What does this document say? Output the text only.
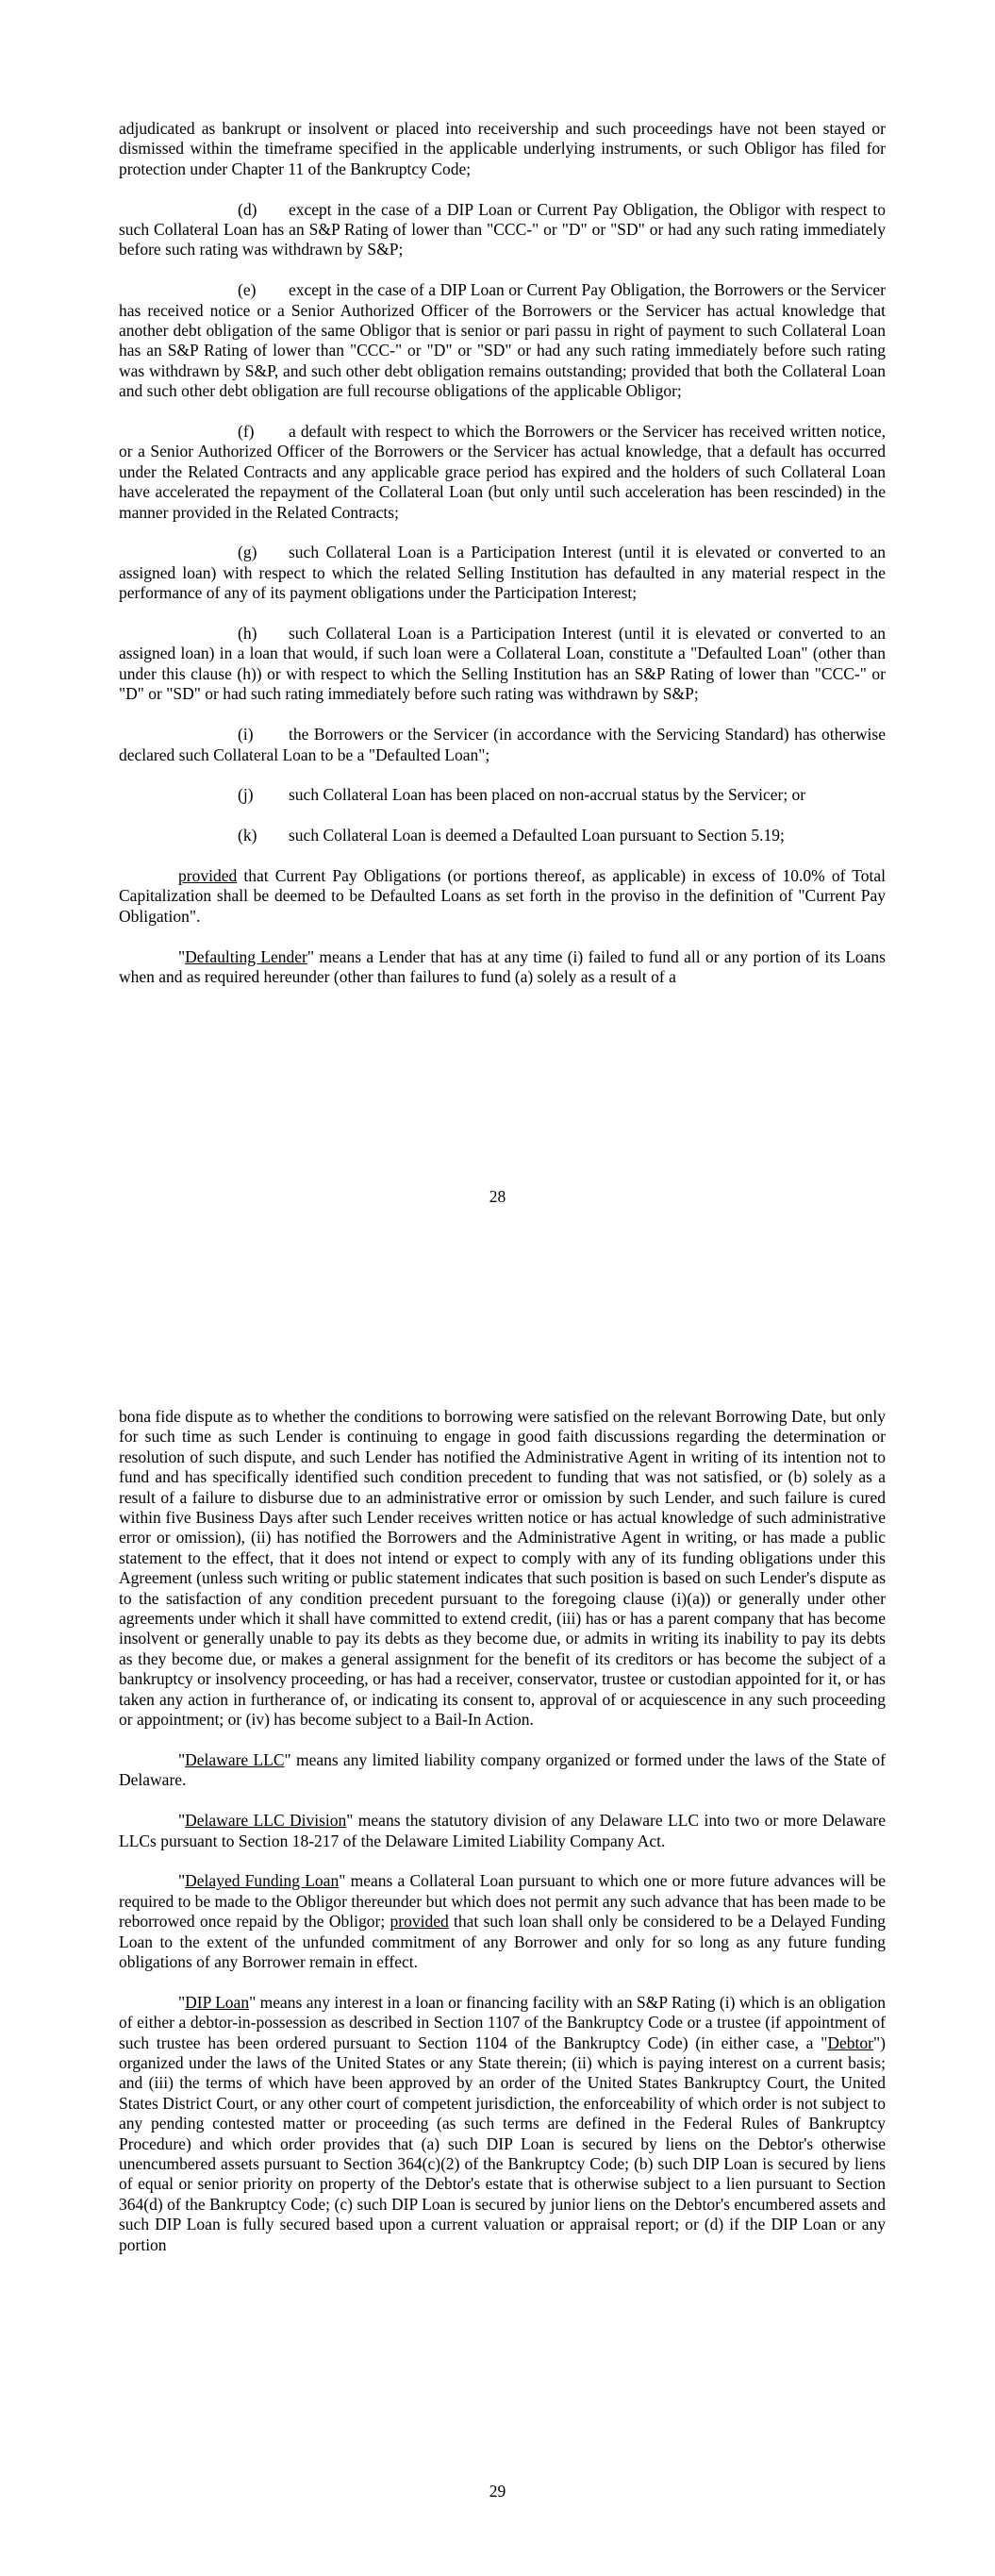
adjudicated as bankrupt or insolvent or placed into receivership and such proceedings have not been stayed or dismissed within the timeframe specified in the applicable underlying instruments, or such Obligor has filed for protection under Chapter 11 of the Bankruptcy Code;

(d) except in the case of a DIP Loan or Current Pay Obligation, the Obligor with respect to such Collateral Loan has an S&P Rating of lower than "CCC-" or "D" or "SD" or had any such rating immediately before such rating was withdrawn by S&P;

(e) except in the case of a DIP Loan or Current Pay Obligation, the Borrowers or the Servicer has received notice or a Senior Authorized Officer of the Borrowers or the Servicer has actual knowledge that another debt obligation of the same Obligor that is senior or pari passu in right of payment to such Collateral Loan has an S&P Rating of lower than "CCC-" or "D" or "SD" or had any such rating immediately before such rating was withdrawn by S&P, and such other debt obligation remains outstanding; provided that both the Collateral Loan and such other debt obligation are full recourse obligations of the applicable Obligor;

(f) a default with respect to which the Borrowers or the Servicer has received written notice, or a Senior Authorized Officer of the Borrowers or the Servicer has actual knowledge, that a default has occurred under the Related Contracts and any applicable grace period has expired and the holders of such Collateral Loan have accelerated the repayment of the Collateral Loan (but only until such acceleration has been rescinded) in the manner provided in the Related Contracts;

(g) such Collateral Loan is a Participation Interest (until it is elevated or converted to an assigned loan) with respect to which the related Selling Institution has defaulted in any material respect in the performance of any of its payment obligations under the Participation Interest;

(h) such Collateral Loan is a Participation Interest (until it is elevated or converted to an assigned loan) in a loan that would, if such loan were a Collateral Loan, constitute a "Defaulted Loan" (other than under this clause (h)) or with respect to which the Selling Institution has an S&P Rating of lower than "CCC-" or "D" or "SD" or had such rating immediately before such rating was withdrawn by S&P;

(i) the Borrowers or the Servicer (in accordance with the Servicing Standard) has otherwise declared such Collateral Loan to be a "Defaulted Loan";

(j) such Collateral Loan has been placed on non-accrual status by the Servicer; or

(k) such Collateral Loan is deemed a Defaulted Loan pursuant to Section 5.19;

provided that Current Pay Obligations (or portions thereof, as applicable) in excess of 10.0% of Total Capitalization shall be deemed to be Defaulted Loans as set forth in the proviso in the definition of "Current Pay Obligation".

"Defaulting Lender" means a Lender that has at any time (i) failed to fund all or any portion of its Loans when and as required hereunder (other than failures to fund (a) solely as a result of a

28

bona fide dispute as to whether the conditions to borrowing were satisfied on the relevant Borrowing Date, but only for such time as such Lender is continuing to engage in good faith discussions regarding the determination or resolution of such dispute, and such Lender has notified the Administrative Agent in writing of its intention not to fund and has specifically identified such condition precedent to funding that was not satisfied, or (b) solely as a result of a failure to disburse due to an administrative error or omission by such Lender, and such failure is cured within five Business Days after such Lender receives written notice or has actual knowledge of such administrative error or omission), (ii) has notified the Borrowers and the Administrative Agent in writing, or has made a public statement to the effect, that it does not intend or expect to comply with any of its funding obligations under this Agreement (unless such writing or public statement indicates that such position is based on such Lender's dispute as to the satisfaction of any condition precedent pursuant to the foregoing clause (i)(a)) or generally under other agreements under which it shall have committed to extend credit, (iii) has or has a parent company that has become insolvent or generally unable to pay its debts as they become due, or admits in writing its inability to pay its debts as they become due, or makes a general assignment for the benefit of its creditors or has become the subject of a bankruptcy or insolvency proceeding, or has had a receiver, conservator, trustee or custodian appointed for it, or has taken any action in furtherance of, or indicating its consent to, approval of or acquiescence in any such proceeding or appointment; or (iv) has become subject to a Bail-In Action.

"Delaware LLC" means any limited liability company organized or formed under the laws of the State of Delaware.

"Delaware LLC Division" means the statutory division of any Delaware LLC into two or more Delaware LLCs pursuant to Section 18-217 of the Delaware Limited Liability Company Act.

"Delayed Funding Loan" means a Collateral Loan pursuant to which one or more future advances will be required to be made to the Obligor thereunder but which does not permit any such advance that has been made to be reborrowed once repaid by the Obligor; provided that such loan shall only be considered to be a Delayed Funding Loan to the extent of the unfunded commitment of any Borrower and only for so long as any future funding obligations of any Borrower remain in effect.

"DIP Loan" means any interest in a loan or financing facility with an S&P Rating (i) which is an obligation of either a debtor-in-possession as described in Section 1107 of the Bankruptcy Code or a trustee (if appointment of such trustee has been ordered pursuant to Section 1104 of the Bankruptcy Code) (in either case, a "Debtor") organized under the laws of the United States or any State therein; (ii) which is paying interest on a current basis; and (iii) the terms of which have been approved by an order of the United States Bankruptcy Court, the United States District Court, or any other court of competent jurisdiction, the enforceability of which order is not subject to any pending contested matter or proceeding (as such terms are defined in the Federal Rules of Bankruptcy Procedure) and which order provides that (a) such DIP Loan is secured by liens on the Debtor's otherwise unencumbered assets pursuant to Section 364(c)(2) of the Bankruptcy Code; (b) such DIP Loan is secured by liens of equal or senior priority on property of the Debtor's estate that is otherwise subject to a lien pursuant to Section 364(d) of the Bankruptcy Code; (c) such DIP Loan is secured by junior liens on the Debtor's encumbered assets and such DIP Loan is fully secured based upon a current valuation or appraisal report; or (d) if the DIP Loan or any portion

29
